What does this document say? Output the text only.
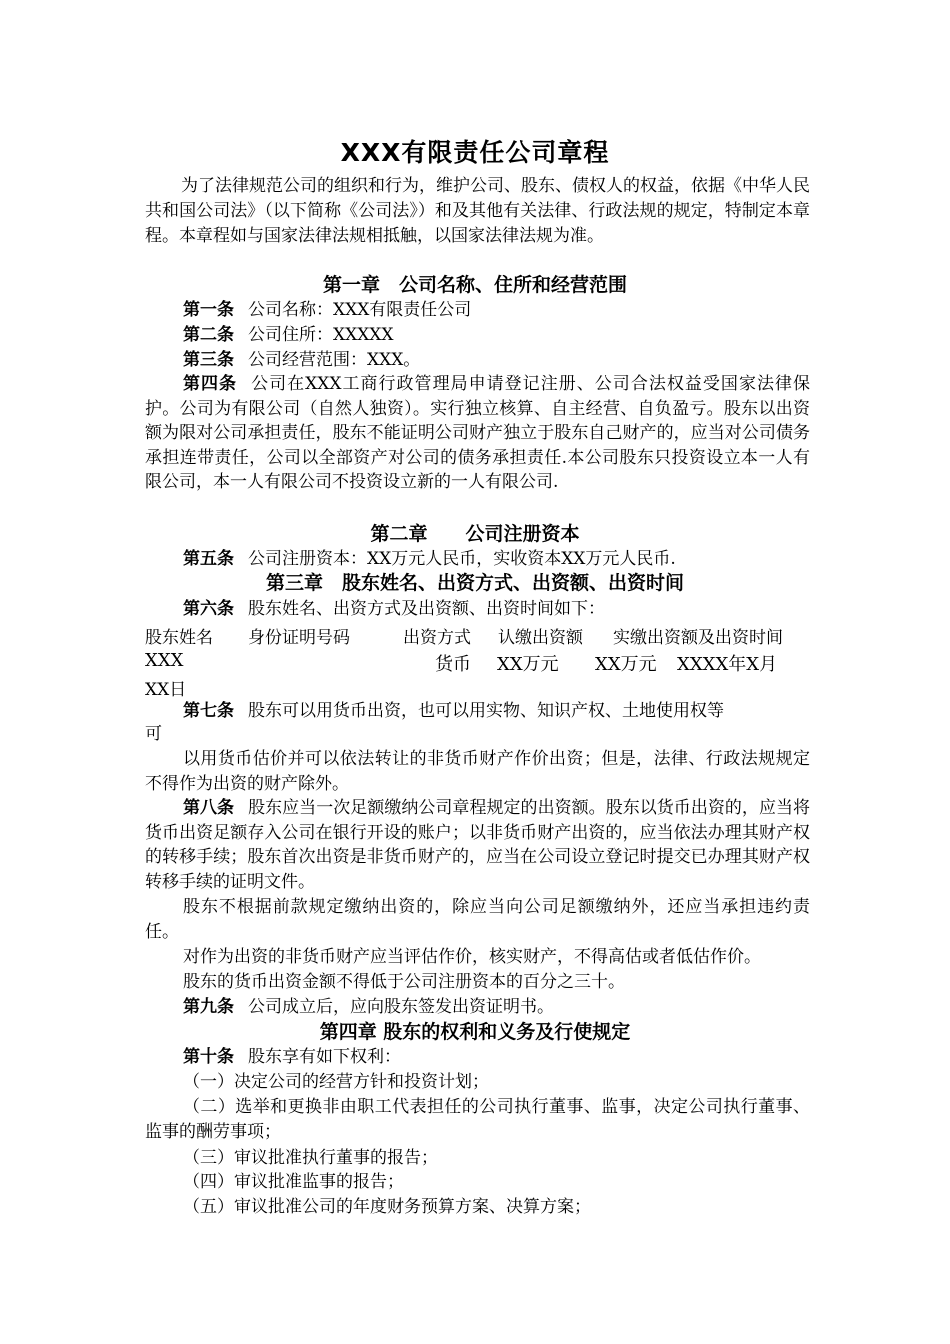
XXX有限责任公司章程
为了法律规范公司的组织和行为，维护公司、股东、债权人的权益，依据《中华人民共和国公司法》（以下简称《公司法》）和及其他有关法律、行政法规的规定，特制定本章程。本章程如与国家法律法规相抵触，以国家法律法规为准。
第一章　公司名称、住所和经营范围
第一条 公司名称：XXX有限责任公司
第二条 公司住所：XXXXX
第三条 公司经营范围：XXX。
第四条 公司在XXX工商行政管理局申请登记注册、公司合法权益受国家法律保护。公司为有限公司（自然人独资）。实行独立核算、自主经营、自负盈亏。股东以出资额为限对公司承担责任，股东不能证明公司财产独立于股东自己财产的，应当对公司债务承担连带责任，公司以全部资产对公司的债务承担责任.本公司股东只投资设立本一人有限公司，本一人有限公司不投资设立新的一人有限公司.
第二章　　公司注册资本
第五条 公司注册资本：XX万元人民币，实收资本XX万元人民币.
第三章　股东姓名、出资方式、出资额、出资时间
第六条 股东姓名、出资方式及出资额、出资时间如下：
股东姓名 身份证明号码	出资方式 认缴出资额 实缴出资额及出资时间
XXX	货币 XX万元 XX万元 XXXX年X月
XX日
第七条 股东可以用货币出资，也可以用实物、知识产权、土地使用权等
可
以用货币估价并可以依法转让的非货币财产作价出资；但是，法律、行政法规规定不得作为出资的财产除外。
第八条 股东应当一次足额缴纳公司章程规定的出资额。股东以货币出资的，应当将货币出资足额存入公司在银行开设的账户；以非货币财产出资的，应当依法办理其财产权的转移手续；股东首次出资是非货币财产的，应当在公司设立登记时提交已办理其财产权转移手续的证明文件。
股东不根据前款规定缴纳出资的，除应当向公司足额缴纳外，还应当承担违约责任。
对作为出资的非货币财产应当评估作价，核实财产，不得高估或者低估作价。
股东的货币出资金额不得低于公司注册资本的百分之三十。
第九条 公司成立后，应向股东签发出资证明书。
第四章 股东的权利和义务及行使规定
第十条 股东享有如下权利：
（一）决定公司的经营方针和投资计划；
（二）选举和更换非由职工代表担任的公司执行董事、监事，决定公司执行董事、监事的酬劳事项；
（三）审议批准执行董事的报告；
（四）审议批准监事的报告；
（五）审议批准公司的年度财务预算方案、决算方案；
